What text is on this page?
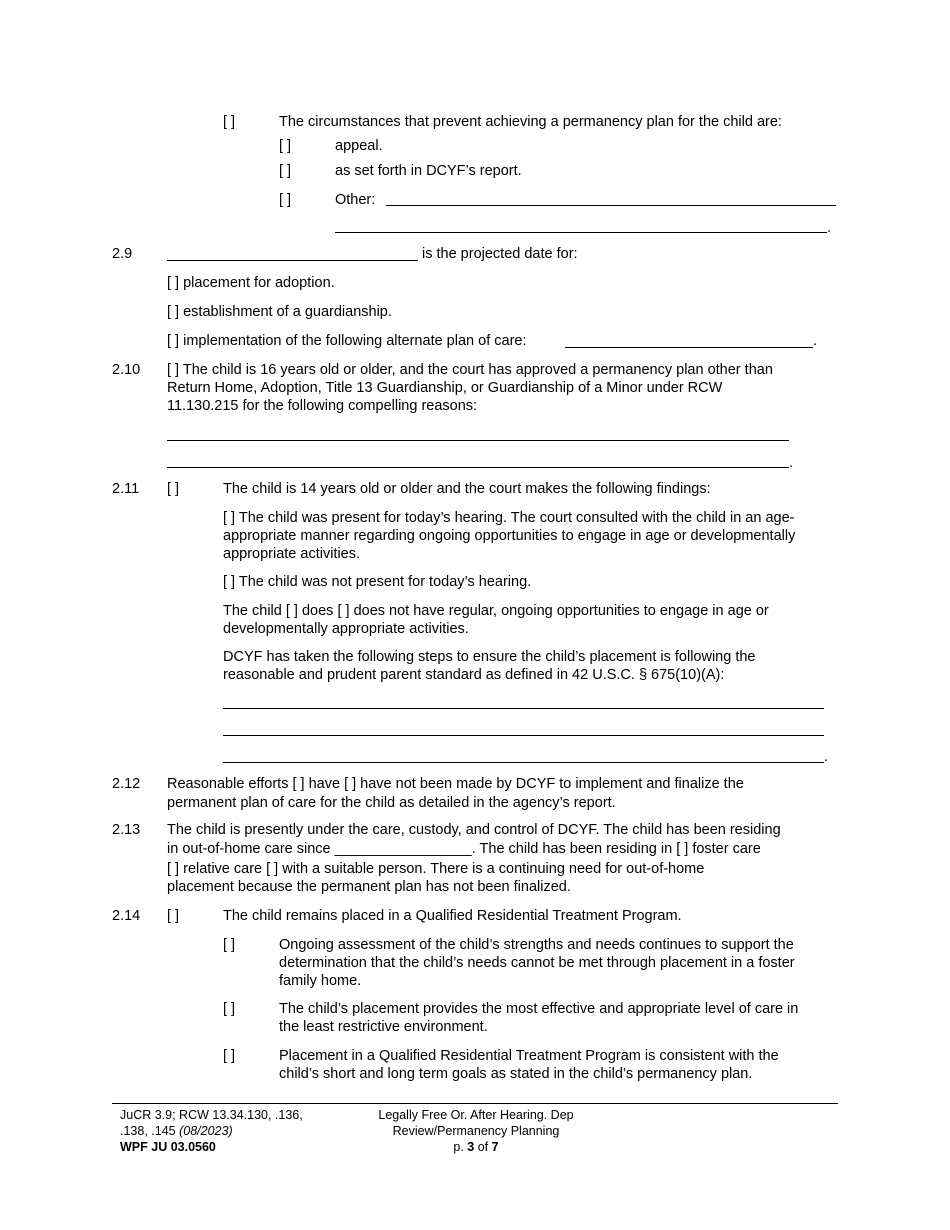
[ ]	The circumstances that prevent achieving a permanency plan for the child are:
[ ]	appeal.
[ ]	as set forth in DCYF’s report.
[ ]	Other:
.
2.9	is the projected date for:
[ ] placement for adoption.
[ ] establishment of a guardianship.
[ ] implementation of the following alternate plan of care:	.
2.10 [ ] The child is 16 years old or older, and the court has approved a permanency plan other than
Return Home, Adoption, Title 13 Guardianship, or Guardianship of a Minor under RCW
11.130.215 for the following compelling reasons:
.
2.11 [ ]	The child is 14 years old or older and the court makes the following findings:
[ ] The child was present for today’s hearing. The court consulted with the child in an age-
appropriate manner regarding ongoing opportunities to engage in age or developmentally
appropriate activities.
[ ] The child was not present for today’s hearing.
The child [ ] does [ ] does not have regular, ongoing opportunities to engage in age or
developmentally appropriate activities.
DCYF has taken the following steps to ensure the child’s placement is following the
reasonable and prudent parent standard as defined in 42 U.S.C. § 675(10)(A):
.
2.12 Reasonable efforts [ ] have [ ] have not been made by DCYF to implement and finalize the
permanent plan of care for the child as detailed in the agency’s report.
2.13 The child is presently under the care, custody, and control of DCYF. The child has been residing
in out-of-home care since _________________. The child has been residing in [ ] foster care
[ ] relative care [ ] with a suitable person. There is a continuing need for out-of-home
placement because the permanent plan has not been finalized.
2.14 [ ]	The child remains placed in a Qualified Residential Treatment Program.
[ ]	Ongoing assessment of the child’s strengths and needs continues to support the
determination that the child’s needs cannot be met through placement in a foster
family home.
[ ]	The child’s placement provides the most effective and appropriate level of care in
the least restrictive environment.
[ ]	Placement in a Qualified Residential Treatment Program is consistent with the
child’s short and long term goals as stated in the child’s permanency plan.
JuCR 3.9; RCW 13.34.130, .136,
.138, .145 (08/2023)
WPF JU 03.0560
Legally Free Or. After Hearing. Dep
Review/Permanency Planning
p. 3 of 7
